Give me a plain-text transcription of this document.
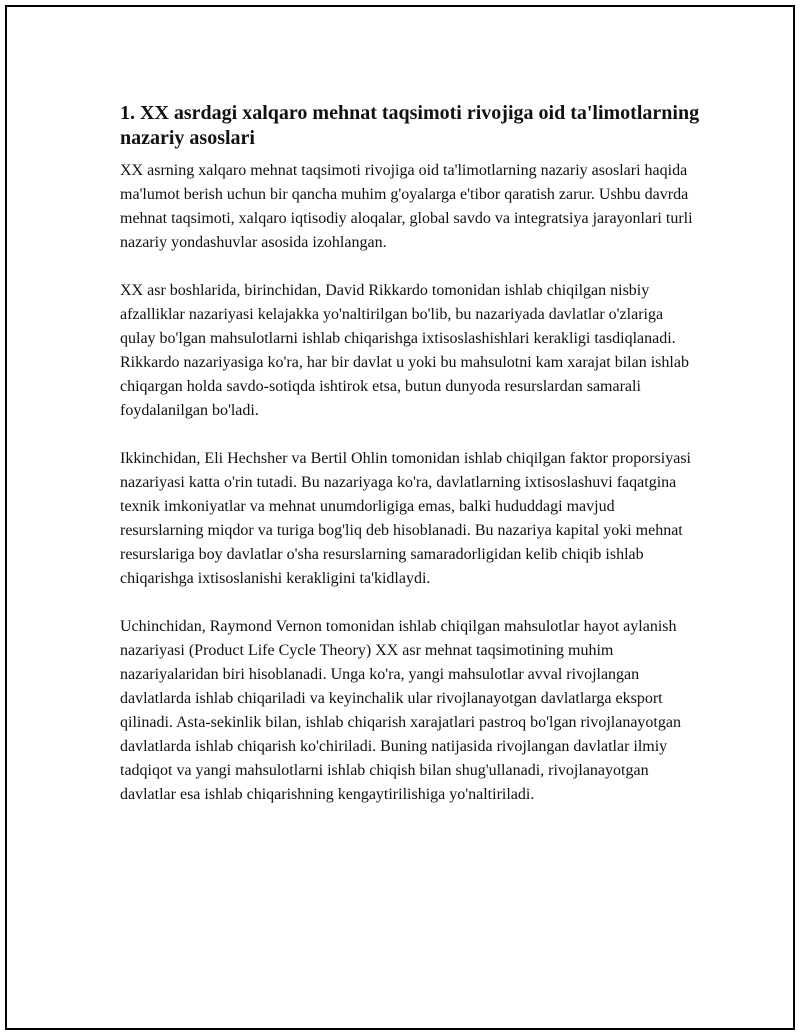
1. XX asrdagi xalqaro mehnat taqsimoti rivojiga oid ta'limotlarning nazariy asoslari

XX asrning xalqaro mehnat taqsimoti rivojiga oid ta'limotlarning nazariy asoslari haqida ma'lumot berish uchun bir qancha muhim g'oyalarga e'tibor qaratish zarur. Ushbu davrda mehnat taqsimoti, xalqaro iqtisodiy aloqalar, global savdo va integratsiya jarayonlari turli nazariy yondashuvlar asosida izohlangan.

XX asr boshlarida, birinchidan, David Rikkardo tomonidan ishlab chiqilgan nisbiy afzalliklar nazariyasi kelajakka yo'naltirilgan bo'lib, bu nazariyada davlatlar o'zlariga qulay bo'lgan mahsulotlarni ishlab chiqarishga ixtisoslashishlari kerakligi tasdiqlanadi. Rikkardo nazariyasiga ko'ra, har bir davlat u yoki bu mahsulotni kam xarajat bilan ishlab chiqargan holda savdo-sotiqda ishtirok etsa, butun dunyoda resurslardan samarali foydalanilgan bo'ladi.

Ikkinchidan, Eli Hechsher va Bertil Ohlin tomonidan ishlab chiqilgan faktor proporsiyasi nazariyasi katta o'rin tutadi. Bu nazariyaga ko'ra, davlatlarning ixtisoslashuvi faqatgina texnik imkoniyatlar va mehnat unumdorligiga emas, balki hududdagi mavjud resurslarning miqdor va turiga bog'liq deb hisoblanadi. Bu nazariya kapital yoki mehnat resurslariga boy davlatlar o'sha resurslarning samaradorligidan kelib chiqib ishlab chiqarishga ixtisoslanishi kerakligini ta'kidlaydi.

Uchinchidan, Raymond Vernon tomonidan ishlab chiqilgan mahsulotlar hayot aylanish nazariyasi (Product Life Cycle Theory) XX asr mehnat taqsimotining muhim nazariyalaridan biri hisoblanadi. Unga ko'ra, yangi mahsulotlar avval rivojlangan davlatlarda ishlab chiqariladi va keyinchalik ular rivojlanayotgan davlatlarga eksport qilinadi. Asta-sekinlik bilan, ishlab chiqarish xarajatlari pastroq bo'lgan rivojlanayotgan davlatlarda ishlab chiqarish ko'chiriladi. Buning natijasida rivojlangan davlatlar ilmiy tadqiqot va yangi mahsulotlarni ishlab chiqish bilan shug'ullanadi, rivojlanayotgan davlatlar esa ishlab chiqarishning kengaytirilishiga yo'naltiriladi.
